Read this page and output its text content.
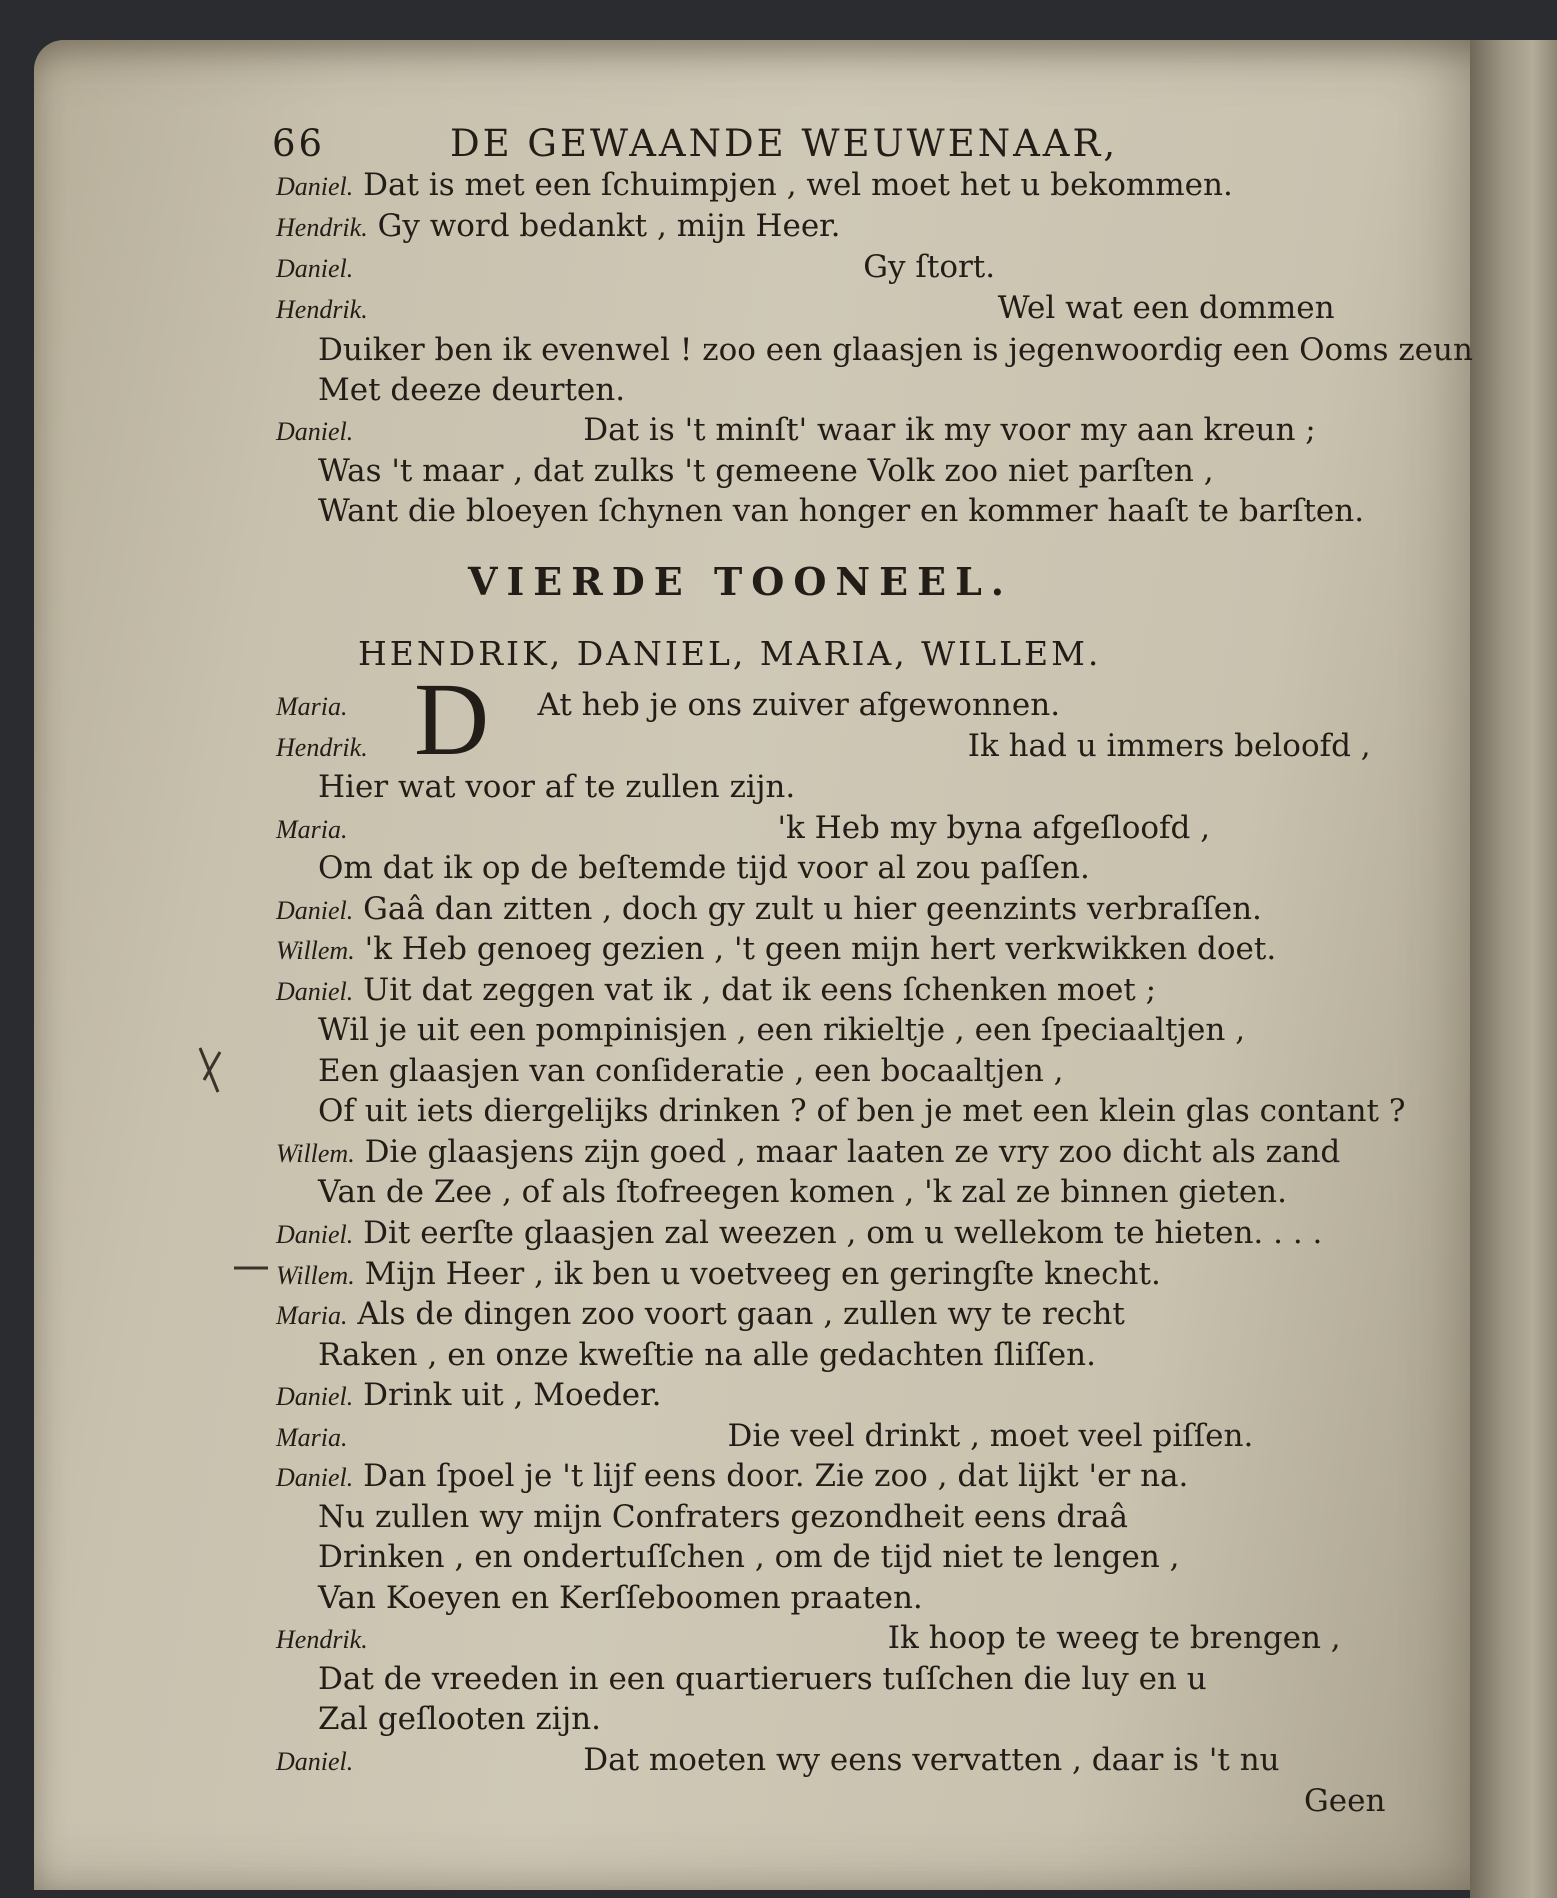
66	DE GEWAANDE WEUWENAAR,
Daniel. Dat is met een ſchuimpjen , wel moet het u bekommen.
Hendrik. Gy word bedankt , mijn Heer.
Daniel.	Gy ſtort.
Hendrik.	Wel wat een dommen
Duiker ben ik evenwel ! zoo een glaasjen is jegenwoordig een Ooms zeun
Met deeze deurten.
Daniel.	Dat is 't minſt' waar ik my voor my aan kreun ;
Was 't maar , dat zulks 't gemeene Volk zoo niet parſten ,
Want die bloeyen ſchynen van honger en kommer haaſt te barſten.
VIERDE TOONEEL.
HENDRIK, DANIEL, MARIA, WILLEM.
D
Maria.	At heb je ons zuiver afgewonnen.
Hendrik.	Ik had u immers beloofd ,
Hier wat voor af te zullen zijn.
Maria.	'k Heb my byna afgeſloofd ,
Om dat ik op de beſtemde tijd voor al zou paſſen.
Daniel. Gaâ dan zitten , doch gy zult u hier geenzints verbraſſen.
Willem. 'k Heb genoeg gezien , 't geen mijn hert verkwikken doet.
Daniel. Uit dat zeggen vat ik , dat ik eens ſchenken moet ;
Wil je uit een pompinisjen , een rikieltje , een ſpeciaaltjen ,
Een glaasjen van conſideratie , een bocaaltjen ,
Of uit iets diergelijks drinken ? of ben je met een klein glas contant ?
Willem. Die glaasjens zijn goed , maar laaten ze vry zoo dicht als zand
Van de Zee , of als ſtofreegen komen , 'k zal ze binnen gieten.
Daniel. Dit eerſte glaasjen zal weezen , om u wellekom te hieten. . . .
Willem. Mijn Heer , ik ben u voetveeg en geringſte knecht.
Maria. Als de dingen zoo voort gaan , zullen wy te recht
Raken , en onze kweſtie na alle gedachten ſliſſen.
Daniel. Drink uit , Moeder.
Maria.	Die veel drinkt , moet veel piſſen.
Daniel. Dan ſpoel je 't lijf eens door. Zie zoo , dat lijkt 'er na.
Nu zullen wy mijn Confraters gezondheit eens draâ
Drinken , en ondertuſſchen , om de tijd niet te lengen ,
Van Koeyen en Kerſſeboomen praaten.
Hendrik.	Ik hoop te weeg te brengen ,
Dat de vreeden in een quartieruers tuſſchen die luy en u
Zal geſlooten zijn.
Daniel.	Dat moeten wy eens vervatten , daar is 't nu
Geen
